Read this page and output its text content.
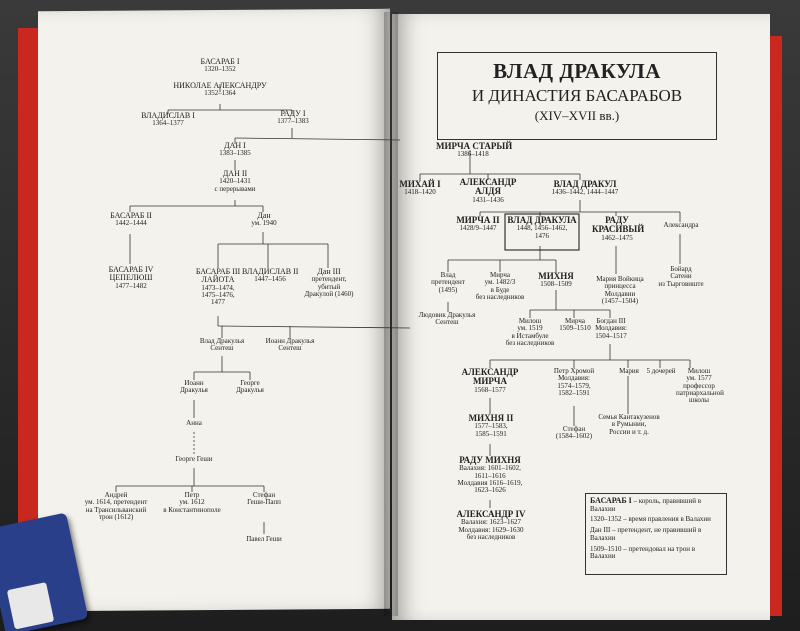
БАСАРАБ I
1320–1352
НИКОЛАЕ АЛЕКСАНДРУ
1352–1364
ВЛАДИСЛАВ I
1364–1377
РАДУ I
1377–1383
ДАН I
1383–1385
ДАН II
1420–1431
с перерывами
БАСАРАБ II
1442–1444
Дан
ум. 1940
БАСАРАБ IV
ЦЕПЕЛЮШ
1477–1482
БАСАРАБ III
ЛАЙОТА
1473–1474,
1475–1476,
1477
ВЛАДИСЛАВ II
1447–1456
Дан III
претендент,
убитый
Дракулой (1460)
Влад Дракулья
Сентеш
Иоанн Дракулья
Сентеш
Иоанн
Дракулья
Георге
Дракулья
Анна
Георге Геши
Андрей
ум. 1614, претендент
на Трансильванский
трон (1612)
Петр
ум. 1612
в Константинополе
Стефан
Геши-Папп
Павел Геши
ВЛАД ДРАКУЛА
И ДИНАСТИЯ БАСАРАБОВ
(XIV–XVII вв.)
МИРЧА СТАРЫЙ
1386–1418
МИХАЙ I
1418–1420
АЛЕКСАНДР
АЛДЯ
1431–1436
ВЛАД ДРАКУЛ
1436–1442, 1444–1447
МИРЧА II
1428/9–1447
ВЛАД ДРАКУЛА
1448, 1456–1462,
1476
РАДУ
КРАСИВЫЙ
1462–1475
Александра
Влад
претендент
(1495)
Мирча
ум. 1482/3
в Буде
без наследников
МИХНЯ
1508–1509
Мария Войкица
принцесса
Молдавии
(1457–1504)
Бойард
Сатени
из Тырговиште
Людовик Дракулья
Сентеш	Милош
ум. 1519
в Истамбуле
без наследников
Мирча
1509–1510
Богдан III
Молдавия:
1504–1517
АЛЕКСАНДР
МИРЧА
1568–1577
Петр Хромой
Молдавия:
1574–1579,
1582–1591
Мария	5 дочерей	Милош
ум. 1577
профессор
патриархальной
школы
МИХНЯ II
1577–1583,
1585–1591
Стефан
(1584–1602)
Семья Кантакузенов
в Румынии,
России и т. д.
РАДУ МИХНЯ
Валахия: 1601–1602,
1611–1616
Молдавия 1616–1619,
1623–1626
АЛЕКСАНДР IV
Валахия: 1623–1627
Молдавия: 1629–1630
без наследников
БАСАРАБ I – король, правивший в Валахии
1320–1352 – время правления в Валахии
Дан III – претендент, не правивший в Валахии
1509–1510 – претендовал на трон в Валахии
